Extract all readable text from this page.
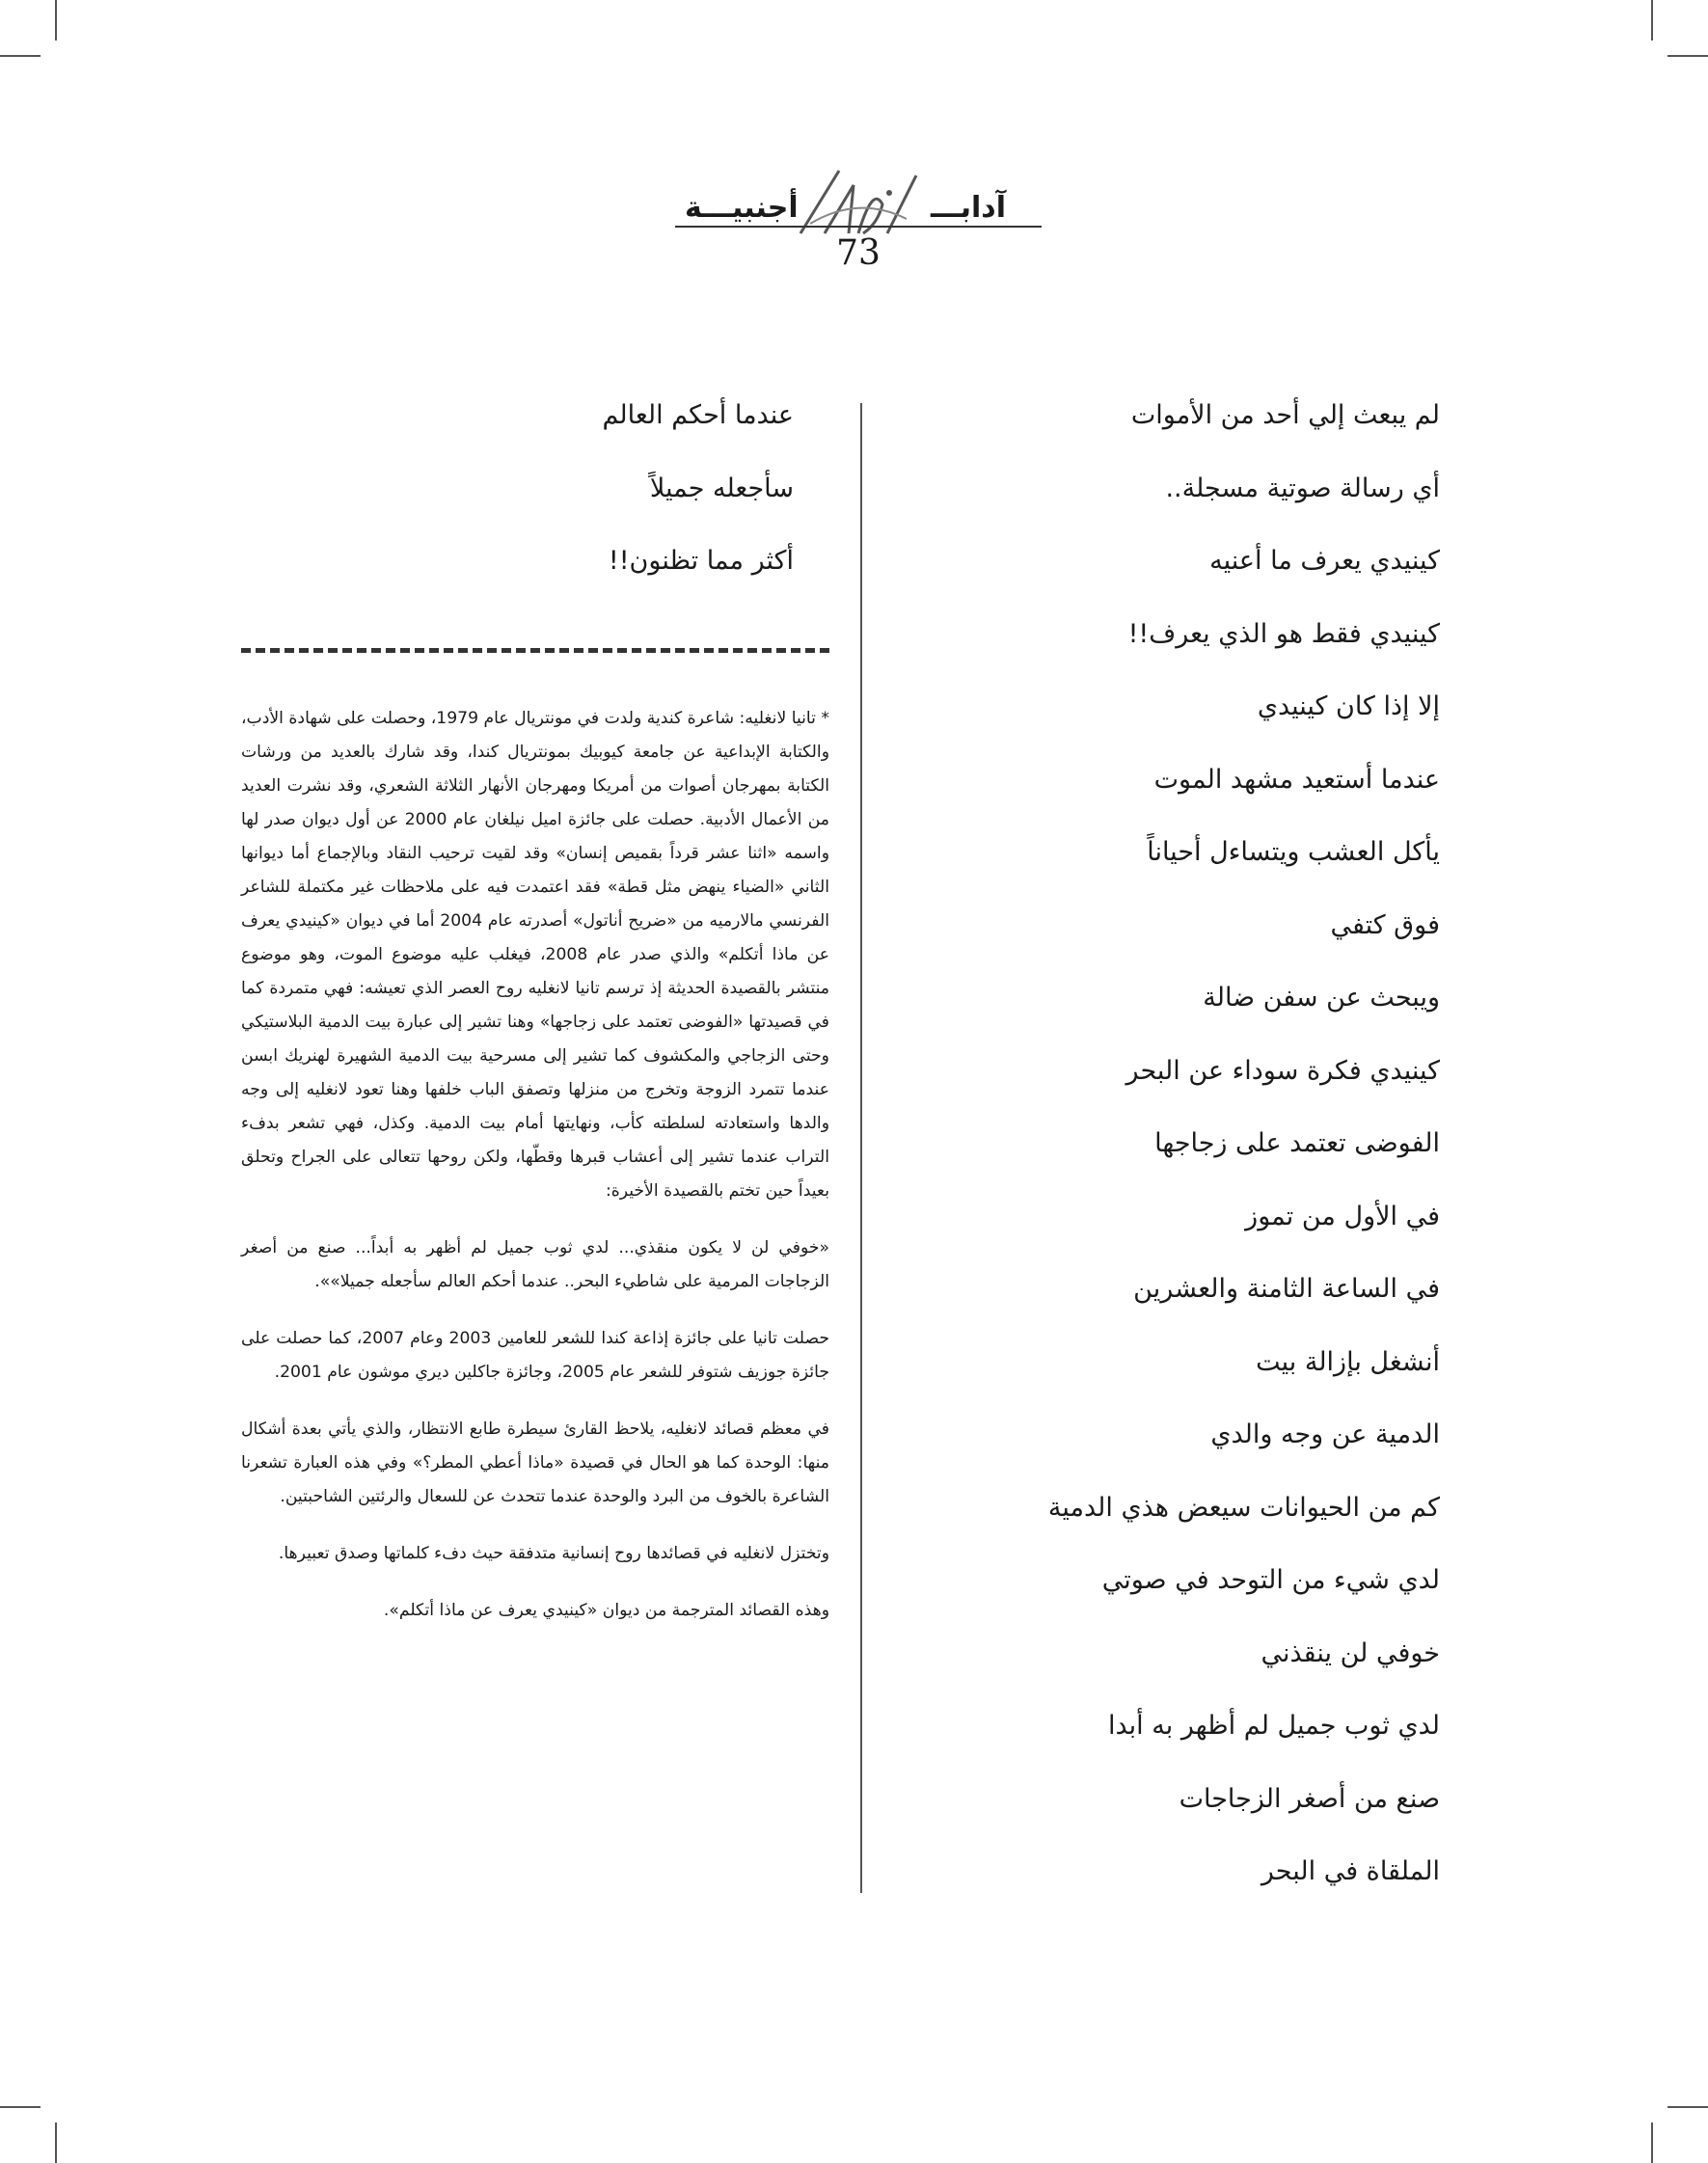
أجنبيـــة	آدابـــ
73
لم يبعث إلي أحد من الأموات
أي رسالة صوتية مسجلة..
كينيدي يعرف ما أعنيه
كينيدي فقط هو الذي يعرف!!
إلا إذا كان كينيدي
عندما أستعيد مشهد الموت
يأكل العشب ويتساءل أحياناً
فوق كتفي
ويبحث عن سفن ضالة
كينيدي فكرة سوداء عن البحر
الفوضى تعتمد على زجاجها
في الأول من تموز
في الساعة الثامنة والعشرين
أنشغل بإزالة بيت
الدمية عن وجه والدي
كم من الحيوانات سيعض هذي الدمية
لدي شيء من التوحد في صوتي
خوفي لن ينقذني
لدي ثوب جميل لم أظهر به أبدا
صنع من أصغر الزجاجات
الملقاة في البحر
عندما أحكم العالم
سأجعله جميلاً
أكثر مما تظنون!!

* تانيا لانغليه: شاعرة كندية ولدت في مونتريال عام 1979، وحصلت على شهادة الأدب، والكتابة الإبداعية عن جامعة كيوبيك بمونتريال كندا، وقد شارك بالعديد من ورشات الكتابة بمهرجان أصوات من أمريكا ومهرجان الأنهار الثلاثة الشعري، وقد نشرت العديد من الأعمال الأدبية. حصلت على جائزة اميل نيلغان عام 2000 عن أول ديوان صدر لها واسمه «اثنا عشر قرداً بقميص إنسان» وقد لقيت ترحيب النقاد وبالإجماع أما ديوانها الثاني «الضياء ينهض مثل قطة» فقد اعتمدت فيه على ملاحظات غير مكتملة للشاعر الفرنسي مالارميه من «ضريح أناتول» أصدرته عام 2004 أما في ديوان «كينيدي يعرف عن ماذا أتكلم» والذي صدر عام 2008، فيغلب عليه موضوع الموت، وهو موضوع منتشر بالقصيدة الحديثة إذ ترسم تانيا لانغليه روح العصر الذي تعيشه: فهي متمردة كما في قصيدتها «الفوضى تعتمد على زجاجها» وهنا تشير إلى عبارة بيت الدمية البلاستيكي وحتى الزجاجي والمكشوف كما تشير إلى مسرحية بيت الدمية الشهيرة لهنريك ابسن عندما تتمرد الزوجة وتخرج من منزلها وتصفق الباب خلفها وهنا تعود لانغليه إلى وجه والدها واستعادته لسلطته كأب، ونهايتها أمام بيت الدمية. وكذل، فهي تشعر بدفء التراب عندما تشير إلى أعشاب قبرها وقطّها، ولكن روحها تتعالى على الجراح وتحلق بعيداً حين تختم بالقصيدة الأخيرة:

«خوفي لن لا يكون منقذي... لدي ثوب جميل لم أظهر به أبداً... صنع من أصغر الزجاجات المرمية على شاطيء البحر.. عندما أحكم العالم سأجعله جميلا»».

حصلت تانيا على جائزة إذاعة كندا للشعر للعامين 2003 وعام 2007، كما حصلت على جائزة جوزيف شتوفر للشعر عام 2005، وجائزة جاكلين ديري موشون عام 2001.

في معظم قصائد لانغليه، يلاحظ القارئ سيطرة طابع الانتظار، والذي يأتي بعدة أشكال منها: الوحدة كما هو الحال في قصيدة «ماذا أعطي المطر؟» وفي هذه العبارة تشعرنا الشاعرة بالخوف من البرد والوحدة عندما تتحدث عن للسعال والرئتين الشاحبتين.

وتختزل لانغليه في قصائدها روح إنسانية متدفقة حيث دفء كلماتها وصدق تعبيرها.

وهذه القصائد المترجمة من ديوان «كينيدي يعرف عن ماذا أتكلم».
